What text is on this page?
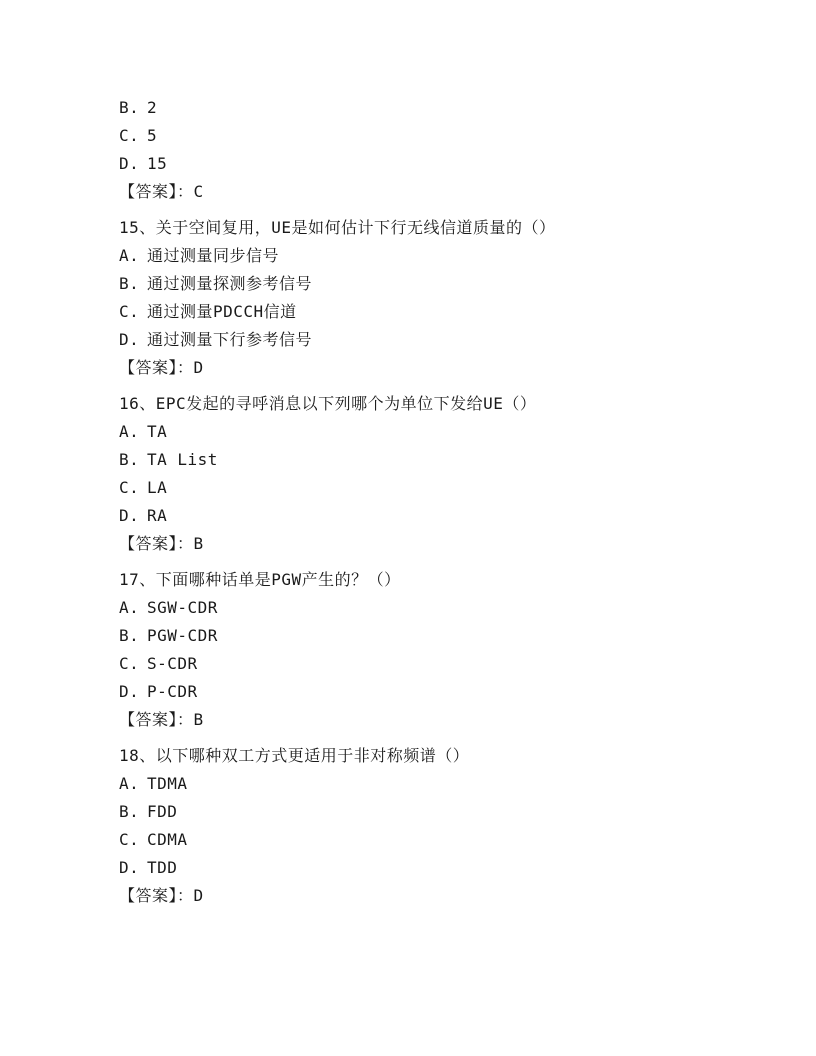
B. 2
C. 5
D. 15
【答案】：C
15、关于空间复用，UE是如何估计下行无线信道质量的（）
A. 通过测量同步信号
B. 通过测量探测参考信号
C. 通过测量PDCCH信道
D. 通过测量下行参考信号
【答案】：D
16、EPC发起的寻呼消息以下列哪个为单位下发给UE（）
A. TA
B. TA List
C. LA
D. RA
【答案】：B
17、下面哪种话单是PGW产生的？（）
A. SGW-CDR
B. PGW-CDR
C. S-CDR
D. P-CDR
【答案】：B
18、以下哪种双工方式更适用于非对称频谱（）
A. TDMA
B. FDD
C. CDMA
D. TDD
【答案】：D
